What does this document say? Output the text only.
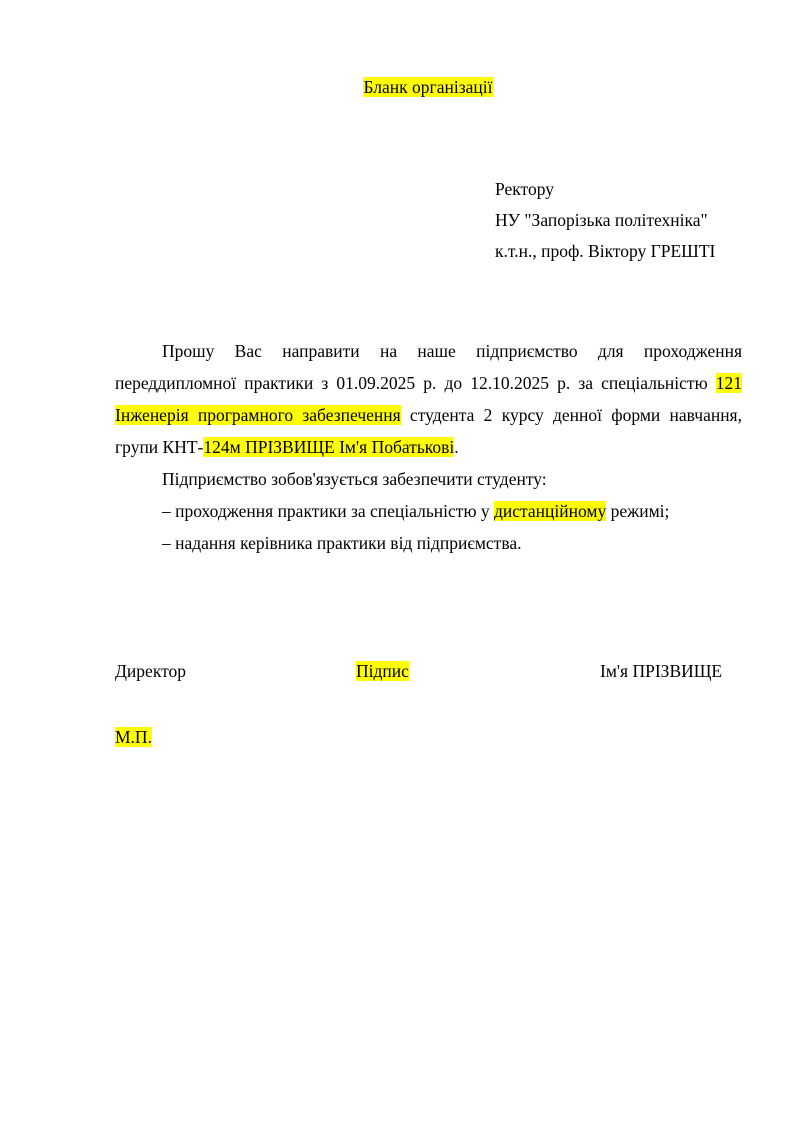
Бланк організації
Ректору
НУ "Запорізька політехніка"
к.т.н., проф. Віктору ГРЕШТІ

Прошу Вас направити на наше підприємство для проходження переддипломної практики з 01.09.2025 р. до 12.10.2025 р. за спеціальністю 121 Інженерія програмного забезпечення студента 2 курсу денної форми навчання, групи КНТ-124м ПРІЗВИЩЕ Ім'я Побатькові.

Підприємство зобов'язується забезпечити студенту:

– проходження практики за спеціальністю у дистанційному режимі;

– надання керівника практики від підприємства.

Директор	Підпис	Ім'я ПРІЗВИЩЕ
М.П.
